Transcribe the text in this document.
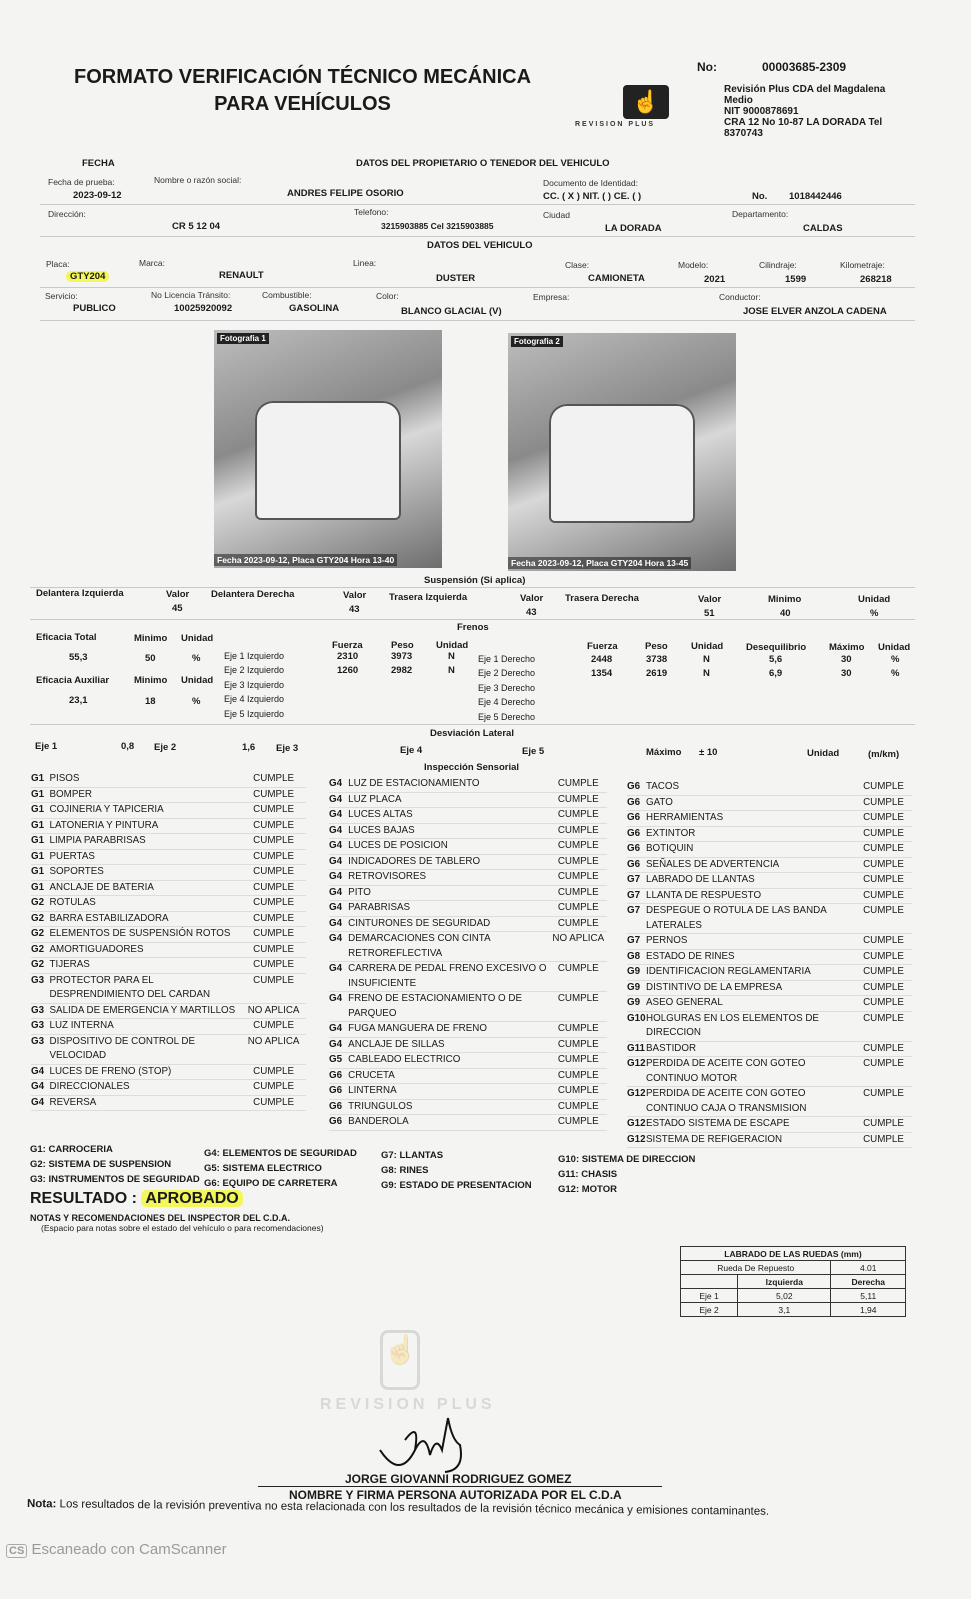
FORMATO VERIFICACIÓN TÉCNICO MECÁNICA
PARA VEHÍCULOS
No:	00003685-2309
☝
REVISION PLUS
Revisión Plus CDA del Magdalena
Medio
NIT 9000878691
CRA 12 No 10-87 LA DORADA Tel
8370743
FECHA	DATOS DEL PROPIETARIO O TENEDOR DEL VEHICULO
Fecha de prueba:
2023-09-12
Nombre o razón social:
ANDRES FELIPE OSORIO
Documento de Identidad:
CC. ( X ) NIT. ( ) CE. ( )	No. 1018442446
Dirección:
CR 5 12 04
Telefono:
3215903885 Cel 3215903885
Ciudad
LA DORADA
Departamento:
CALDAS
DATOS DEL VEHICULO
Placa:
GTY204
Marca:
RENAULT
Linea:
DUSTER
Clase:
CAMIONETA
Modelo:
2021
Cilindraje:
1599
Kilometraje:
268218
Servicio:
PUBLICO
No Licencia Tránsito:
10025920092
Combustible:
GASOLINA
Color:
BLANCO GLACIAL (V)
Empresa:	Conductor:
JOSE ELVER ANZOLA CADENA
Fotografia 1
Fecha 2023-09-12, Placa GTY204 Hora 13-40
Fotografia 2
Fecha 2023-09-12, Placa GTY204 Hora 13-45
Suspensión (Si aplica)
Delantera Izquierda	Valor
45
Delantera Derecha	Valor
43
Trasera Izquierda	Valor
43
Trasera Derecha	Valor
51
Minimo
40
Unidad
%
Frenos
Eficacia Total	Minimo Unidad
55,3	50	%
Eficacia Auxiliar	Minimo Unidad
23,1	18	%
Fuerza	Peso Unidad	Fuerza	Peso Unidad Desequilibrio Máximo Unidad
Eje 1 Izquierdo	Eje 1 Derecho
2310	3973	N	2448	3738	N	5,6	30	%
Eje 2 Izquierdo	Eje 2 Derecho
1260	2982	N	1354	2619	N	6,9	30	%
Eje 3 Izquierdo	Eje 3 Derecho
Eje 4 Izquierdo	Eje 4 Derecho
Eje 5 Izquierdo	Eje 5 Derecho
Desviación Lateral
Eje 1	0,8 Eje 2	1,6 Eje 3	Eje 4	Eje 5	Máximo ± 10	Unidad	(m/km)
Inspección Sensorial
G1 PISOS	CUMPLE
G1 BOMPER	CUMPLE
G1 COJINERIA Y TAPICERIA	CUMPLE
G1 LATONERIA Y PINTURA	CUMPLE
G1 LIMPIA PARABRISAS	CUMPLE
G1 PUERTAS	CUMPLE
G1 SOPORTES	CUMPLE
G1 ANCLAJE DE BATERIA	CUMPLE
G2 ROTULAS	CUMPLE
G2 BARRA ESTABILIZADORA	CUMPLE
G2 ELEMENTOS DE SUSPENSIÓN ROTOS	CUMPLE
G2 AMORTIGUADORES	CUMPLE
G2 TIJERAS	CUMPLE
G3 PROTECTOR PARA EL DESPRENDIMIENTO DEL CARDAN
CUMPLE
G3 SALIDA DE EMERGENCIA Y MARTILLOS	NO APLICA
G3 LUZ INTERNA	CUMPLE
G3 DISPOSITIVO DE CONTROL DE VELOCIDAD
NO APLICA
G4 LUCES DE FRENO (STOP)	CUMPLE
G4 DIRECCIONALES	CUMPLE
G4 REVERSA	CUMPLE
G4 LUZ DE ESTACIONAMIENTO	CUMPLE
G4 LUZ PLACA	CUMPLE
G4 LUCES ALTAS	CUMPLE
G4 LUCES BAJAS	CUMPLE
G4 LUCES DE POSICION	CUMPLE
G4 INDICADORES DE TABLERO	CUMPLE
G4 RETROVISORES	CUMPLE
G4 PITO	CUMPLE
G4 PARABRISAS	CUMPLE
G4 CINTURONES DE SEGURIDAD	CUMPLE
G4 DEMARCACIONES CON CINTA RETROREFLECTIVA
NO APLICA
G4 CARRERA DE PEDAL FRENO EXCESIVO O INSUFICIENTE
CUMPLE
G4 FRENO DE ESTACIONAMIENTO O DE PARQUEO
CUMPLE
G4 FUGA MANGUERA DE FRENO	CUMPLE
G4 ANCLAJE DE SILLAS	CUMPLE
G5 CABLEADO ELECTRICO	CUMPLE
G6 CRUCETA	CUMPLE
G6 LINTERNA	CUMPLE
G6 TRIUNGULOS	CUMPLE
G6 BANDEROLA	CUMPLE
G6 TACOS	CUMPLE
G6 GATO	CUMPLE
G6 HERRAMIENTAS	CUMPLE
G6 EXTINTOR	CUMPLE
G6 BOTIQUIN	CUMPLE
G6 SEÑALES DE ADVERTENCIA	CUMPLE
G7 LABRADO DE LLANTAS	CUMPLE
G7 LLANTA DE RESPUESTO	CUMPLE
G7 DESPEGUE O ROTULA DE LAS BANDA LATERALES
CUMPLE
G7 PERNOS	CUMPLE
G8 ESTADO DE RINES	CUMPLE
G9 IDENTIFICACION REGLAMENTARIA	CUMPLE
G9 DISTINTIVO DE LA EMPRESA	CUMPLE
G9 ASEO GENERAL	CUMPLE
G10 HOLGURAS EN LOS ELEMENTOS DE DIRECCION
CUMPLE
G11 BASTIDOR	CUMPLE
G12 PERDIDA DE ACEITE CON GOTEO CONTINUO MOTOR
CUMPLE
G12 PERDIDA DE ACEITE CON GOTEO CONTINUO CAJA O TRANSMISION
CUMPLE
G12 ESTADO SISTEMA DE ESCAPE	CUMPLE
G12 SISTEMA DE REFIGERACION	CUMPLE
G1: CARROCERIA
G2: SISTEMA DE SUSPENSION
G3: INSTRUMENTOS DE SEGURIDAD
G4: ELEMENTOS DE SEGURIDAD
G5: SISTEMA ELECTRICO
G6: EQUIPO DE CARRETERA
G7: LLANTAS
G8: RINES
G9: ESTADO DE PRESENTACION
G10: SISTEMA DE DIRECCION
G11: CHASIS
G12: MOTOR
RESULTADO : APROBADO
NOTAS Y RECOMENDACIONES DEL INSPECTOR DEL C.D.A.
(Espacio para notas sobre el estado del vehículo o para recomendaciones)
LABRADO DE LAS RUEDAS (mm)		
Rueda De Repuesto		4.01
	Izquierda	Derecha
Eje 1	5,02	5,11
Eje 2	3,1	1,94
☝
REVISION PLUS
JORGE GIOVANNI RODRIGUEZ GOMEZ
NOMBRE Y FIRMA PERSONA AUTORIZADA POR EL C.D.A
Nota: Los resultados de la revisión preventiva no esta relacionada con los resultados de la revisión técnico mecánica y emisiones contaminantes.
CS Escaneado con CamScanner
